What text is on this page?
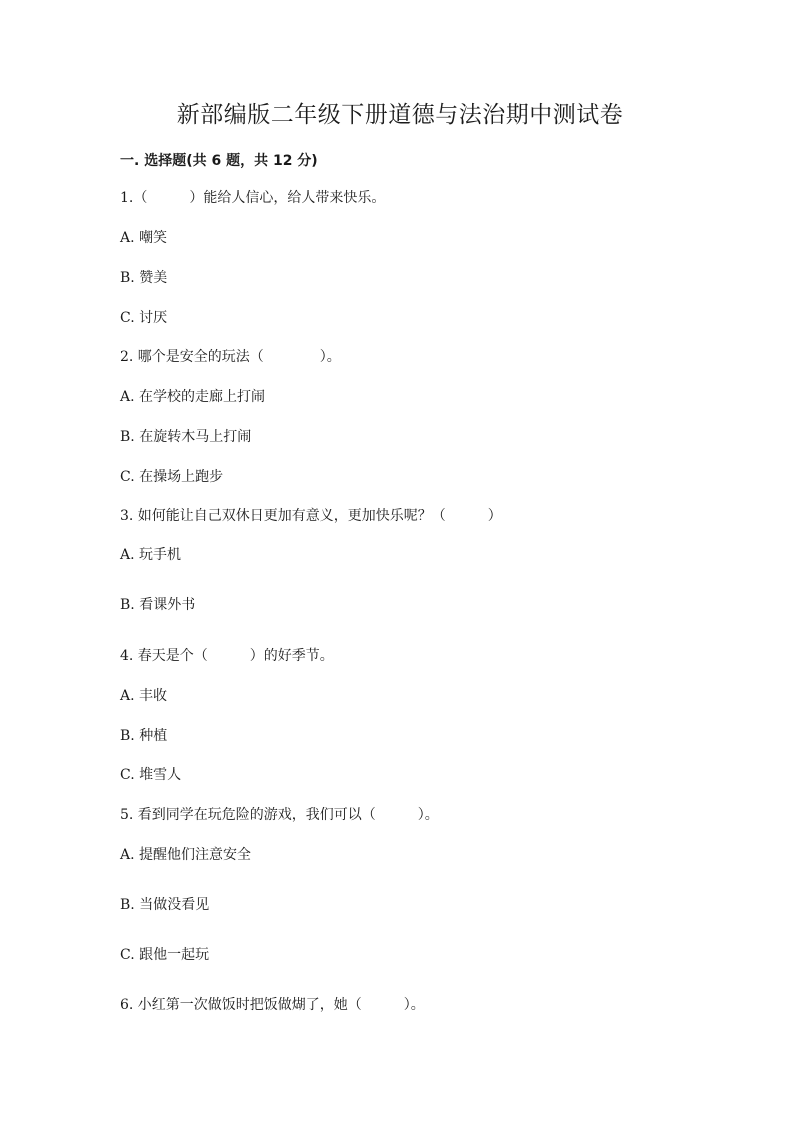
新部编版二年级下册道德与法治期中测试卷
一. 选择题(共 6 题，共 12 分)
1.（　　　）能给人信心，给人带来快乐。
A. 嘲笑
B. 赞美
C. 讨厌
2. 哪个是安全的玩法（　　　　）。
A. 在学校的走廊上打闹
B. 在旋转木马上打闹
C. 在操场上跑步
3. 如何能让自己双休日更加有意义，更加快乐呢？（　　　）
A. 玩手机
B. 看课外书
4. 春天是个（　　　）的好季节。
A. 丰收
B. 种植
C. 堆雪人
5. 看到同学在玩危险的游戏，我们可以（　　　）。
A. 提醒他们注意安全
B. 当做没看见
C. 跟他一起玩
6. 小红第一次做饭时把饭做煳了，她（　　　）。
